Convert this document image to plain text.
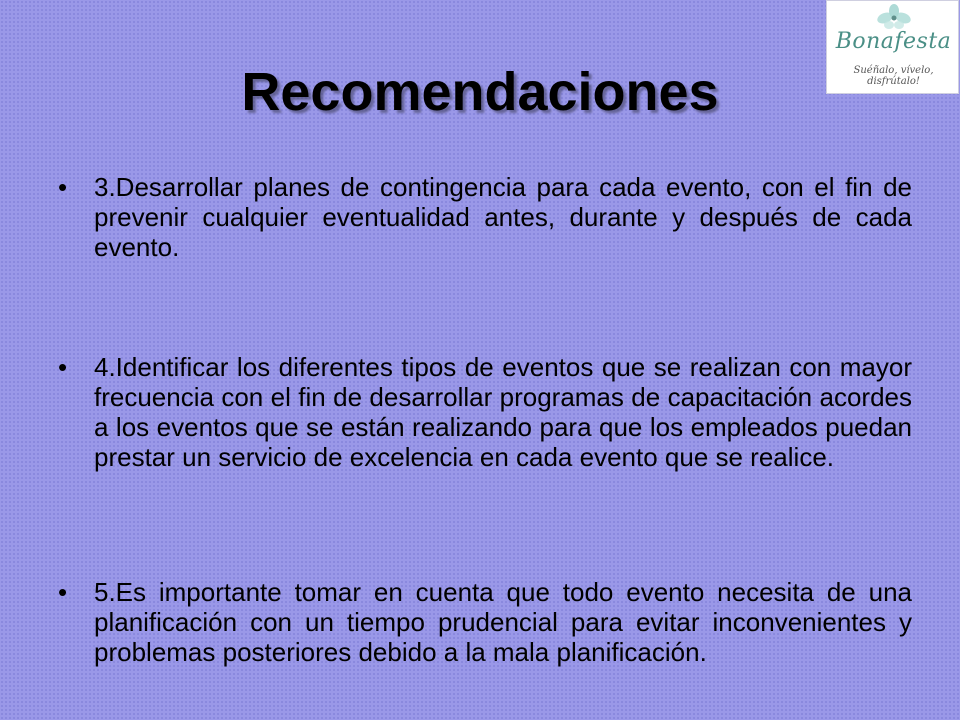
Bonafesta
Suéñalo, vívelo, disfrútalo!
Recomendaciones
• 3.Desarrollar planes de contingencia para cada evento, con el fin de prevenir cualquier eventualidad antes, durante y después de cada evento.

• 4.Identificar los diferentes tipos de eventos que se realizan con mayor frecuencia con el fin de desarrollar programas de capacitación acordes a los eventos que se están realizando para que los empleados puedan prestar un servicio de excelencia en cada evento que se realice.

• 5.Es importante tomar en cuenta que todo evento necesita de una planificación con un tiempo prudencial para evitar inconvenientes y problemas posteriores debido a la mala planificación.
